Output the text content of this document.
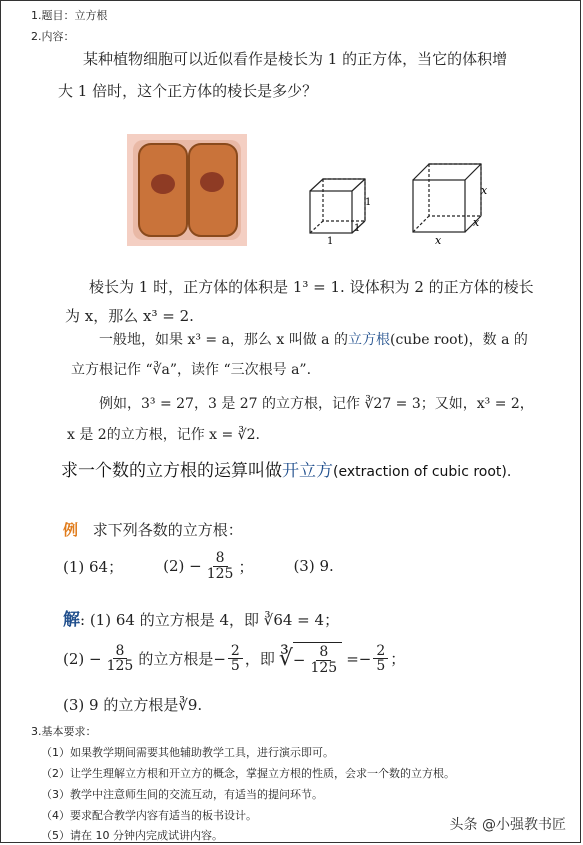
1.题目：立方根
2.内容：
某种植物细胞可以近似看作是棱长为 1 的正方体，当它的体积增
大 1 倍时，这个正方体的棱长是多少？
1
1
1
x
x
x
棱长为 1 时，正方体的体积是 1³ = 1. 设体积为 2 的正方体的棱长
为 x，那么 x³ = 2.
一般地，如果 x³ = a，那么 x 叫做 a 的立方根(cube root)，数 a 的
立方根记作 “∛a”，读作 “三次根号 a”.
例如，3³ = 27，3 是 27 的立方根，记作 ∛27 = 3；又如，x³ = 2，
x 是 2的立方根，记作 x = ∛2.
求一个数的立方根的运算叫做开立方(extraction of cubic root).
例 求下列各数的立方根：
(1) 64；	$(2) - \frac{8}{125}$ ；	(3) 9.
解: (1) 64 的立方根是 4，即 ∛64 = 4；
$(2) - \frac{8}{125}$ 的立方根是− $\frac{2}{5}$ ，即 ∛ − $\frac{8}{125} =- \frac{2}{5}$ ；
(3) 9 的立方根是∛9.
3.基本要求：
（1）如果教学期间需要其他辅助教学工具，进行演示即可。
（2）让学生理解立方根和开立方的概念，掌握立方根的性质，会求一个数的立方根。
（3）教学中注意师生间的交流互动，有适当的提问环节。
（4）要求配合教学内容有适当的板书设计。
（5）请在 10 分钟内完成试讲内容。
头条 @小强教书匠
